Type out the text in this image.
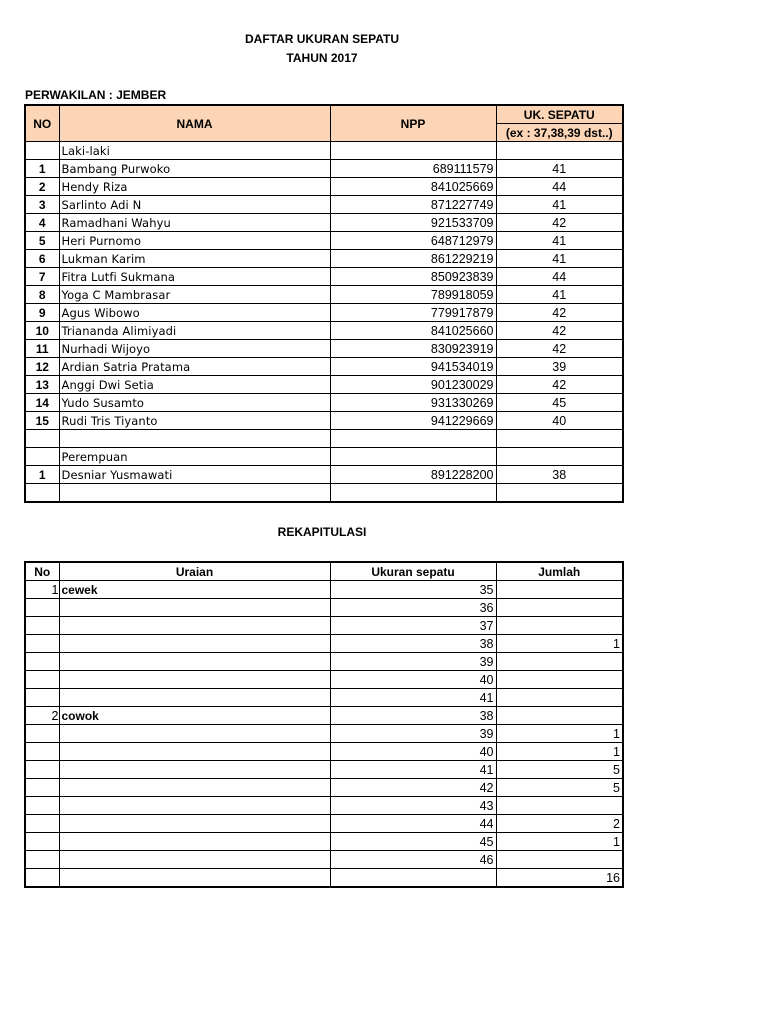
DAFTAR UKURAN SEPATU
TAHUN 2017
PERWAKILAN : JEMBER
NO	NAMA	NPP	UK. SEPATU
			(ex : 37,38,39 dst..)
	Laki-laki		
1	Bambang Purwoko	689111579	41
2	Hendy Riza	841025669	44
3	Sarlinto Adi N	871227749	41
4	Ramadhani Wahyu	921533709	42
5	Heri Purnomo	648712979	41
6	Lukman Karim	861229219	41
7	Fitra Lutfi Sukmana	850923839	44
8	Yoga C Mambrasar	789918059	41
9	Agus Wibowo	779917879	42
10	Triananda Alimiyadi	841025660	42
11	Nurhadi Wijoyo	830923919	42
12	Ardian Satria Pratama	941534019	39
13	Anggi Dwi Setia	901230029	42
14	Yudo Susamto	931330269	45
15	Rudi Tris Tiyanto	941229669	40

	Perempuan		
1	Desniar Yusmawati	891228200	38

REKAPITULASI
No	Uraian	Ukuran sepatu	Jumlah
1	cewek	35	
		36	
		37	
		38	1
		39	
		40	
		41	
2	cowok	38	
		39	1
		40	1
		41	5
		42	5
		43	
		44	2
		45	1
		46	
			16
